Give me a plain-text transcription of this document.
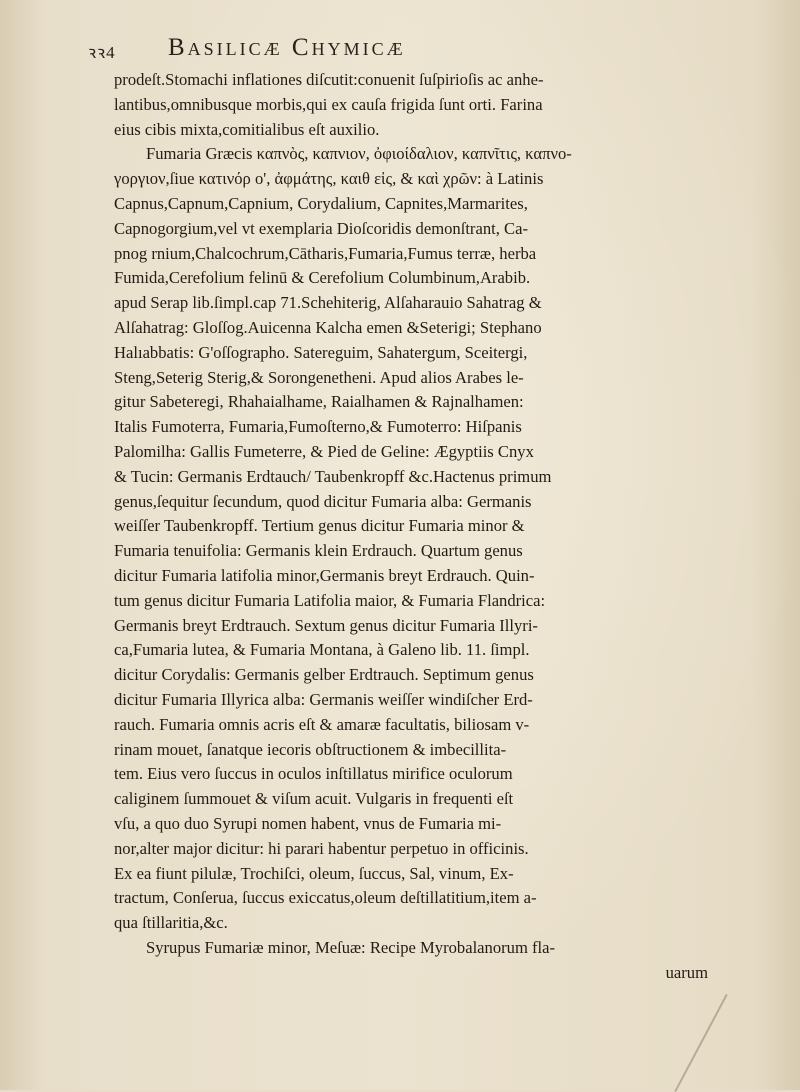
ꝛꝛ4 Basilicæ Chymicæ
prodeſt.Stomachi inflationes diſcutit:conuenit ſuſpirioſis ac anhe-
lantibus,omnibusque morbis,qui ex cauſa frigida ſunt orti. Farina
eius cibis mixta,comitialibus eſt auxilio.
Fumaria Græcis καπνὸς, καπνιον, ὀφιοίδαλιον, καπνῖτις, καπνο-
γοργιον,ſiue κατινόρ ο', ἀφμάτης, καιθ εἰς, & καὶ χρῶν: à Latinis
Capnus,Capnum,Capnium, Corydalium, Capnites,Marmarites,
Capnogorgium,vel vt exemplaria Dioſcoridis demonſtrant, Ca-
pnog rnium,Chalcochrum,Cātharis,Fumaria,Fumus terræ, herba
Fumida,Cerefolium felinū & Cerefolium Columbinum,Arabib.
apud Serap lib.ſimpl.cap 71.Schehiterig, Alſaharauio Sahatrag &
Alſahatrag: Gloſſog.Auicenna Kalcha emen &Seterigi; Stephano
Halıabbatis: G'oſſographo. Satereguim, Sahatergum, Sceitergi,
Steng,Seterig Sterig,& Sorongenetheni. Apud alios Arabes le-
gitur Sabeteregi, Rhahaialhame, Raialhamen & Rajnalhamen:
Italis Fumoterra, Fumaria,Fumoſterno,& Fumoterro: Hiſpanis
Palomilha: Gallis Fumeterre, & Pied de Geline: Ægyptiis Cnyx
& Tucin: Germanis Erdtauch/ Taubenkropff &c.Hactenus primum
genus,ſequitur ſecundum, quod dicitur Fumaria alba: Germanis
weiſſer Taubenkropff. Tertium genus dicitur Fumaria minor &
Fumaria tenuifolia: Germanis klein Erdrauch. Quartum genus
dicitur Fumaria latifolia minor,Germanis breyt Erdrauch. Quin-
tum genus dicitur Fumaria Latifolia maior, & Fumaria Flandrica:
Germanis breyt Erdtrauch. Sextum genus dicitur Fumaria Illyri-
ca,Fumaria lutea, & Fumaria Montana, à Galeno lib. 11. ſimpl.
dicitur Corydalis: Germanis gelber Erdtrauch. Septimum genus
dicitur Fumaria Illyrica alba: Germanis weiſſer windiſcher Erd-
rauch. Fumaria omnis acris eſt & amaræ facultatis, biliosam v-
rinam mouet, ſanatque iecoris obſtructionem & imbecillita-
tem. Eius vero ſuccus in oculos inſtillatus mirifice oculorum
caliginem ſummouet & viſum acuit. Vulgaris in frequenti eſt
vſu, a quo duo Syrupi nomen habent, vnus de Fumaria mi-
nor,alter major dicitur: hi parari habentur perpetuo in officinis.
Ex ea fiunt pilulæ, Trochiſci, oleum, ſuccus, Sal, vinum, Ex-
tractum, Conſerua, ſuccus exiccatus,oleum deſtillatitium,item a-
qua ſtillaritia,&c.
Syrupus Fumariæ minor, Meſuæ: Recipe Myrobalanorum fla-
uarum
